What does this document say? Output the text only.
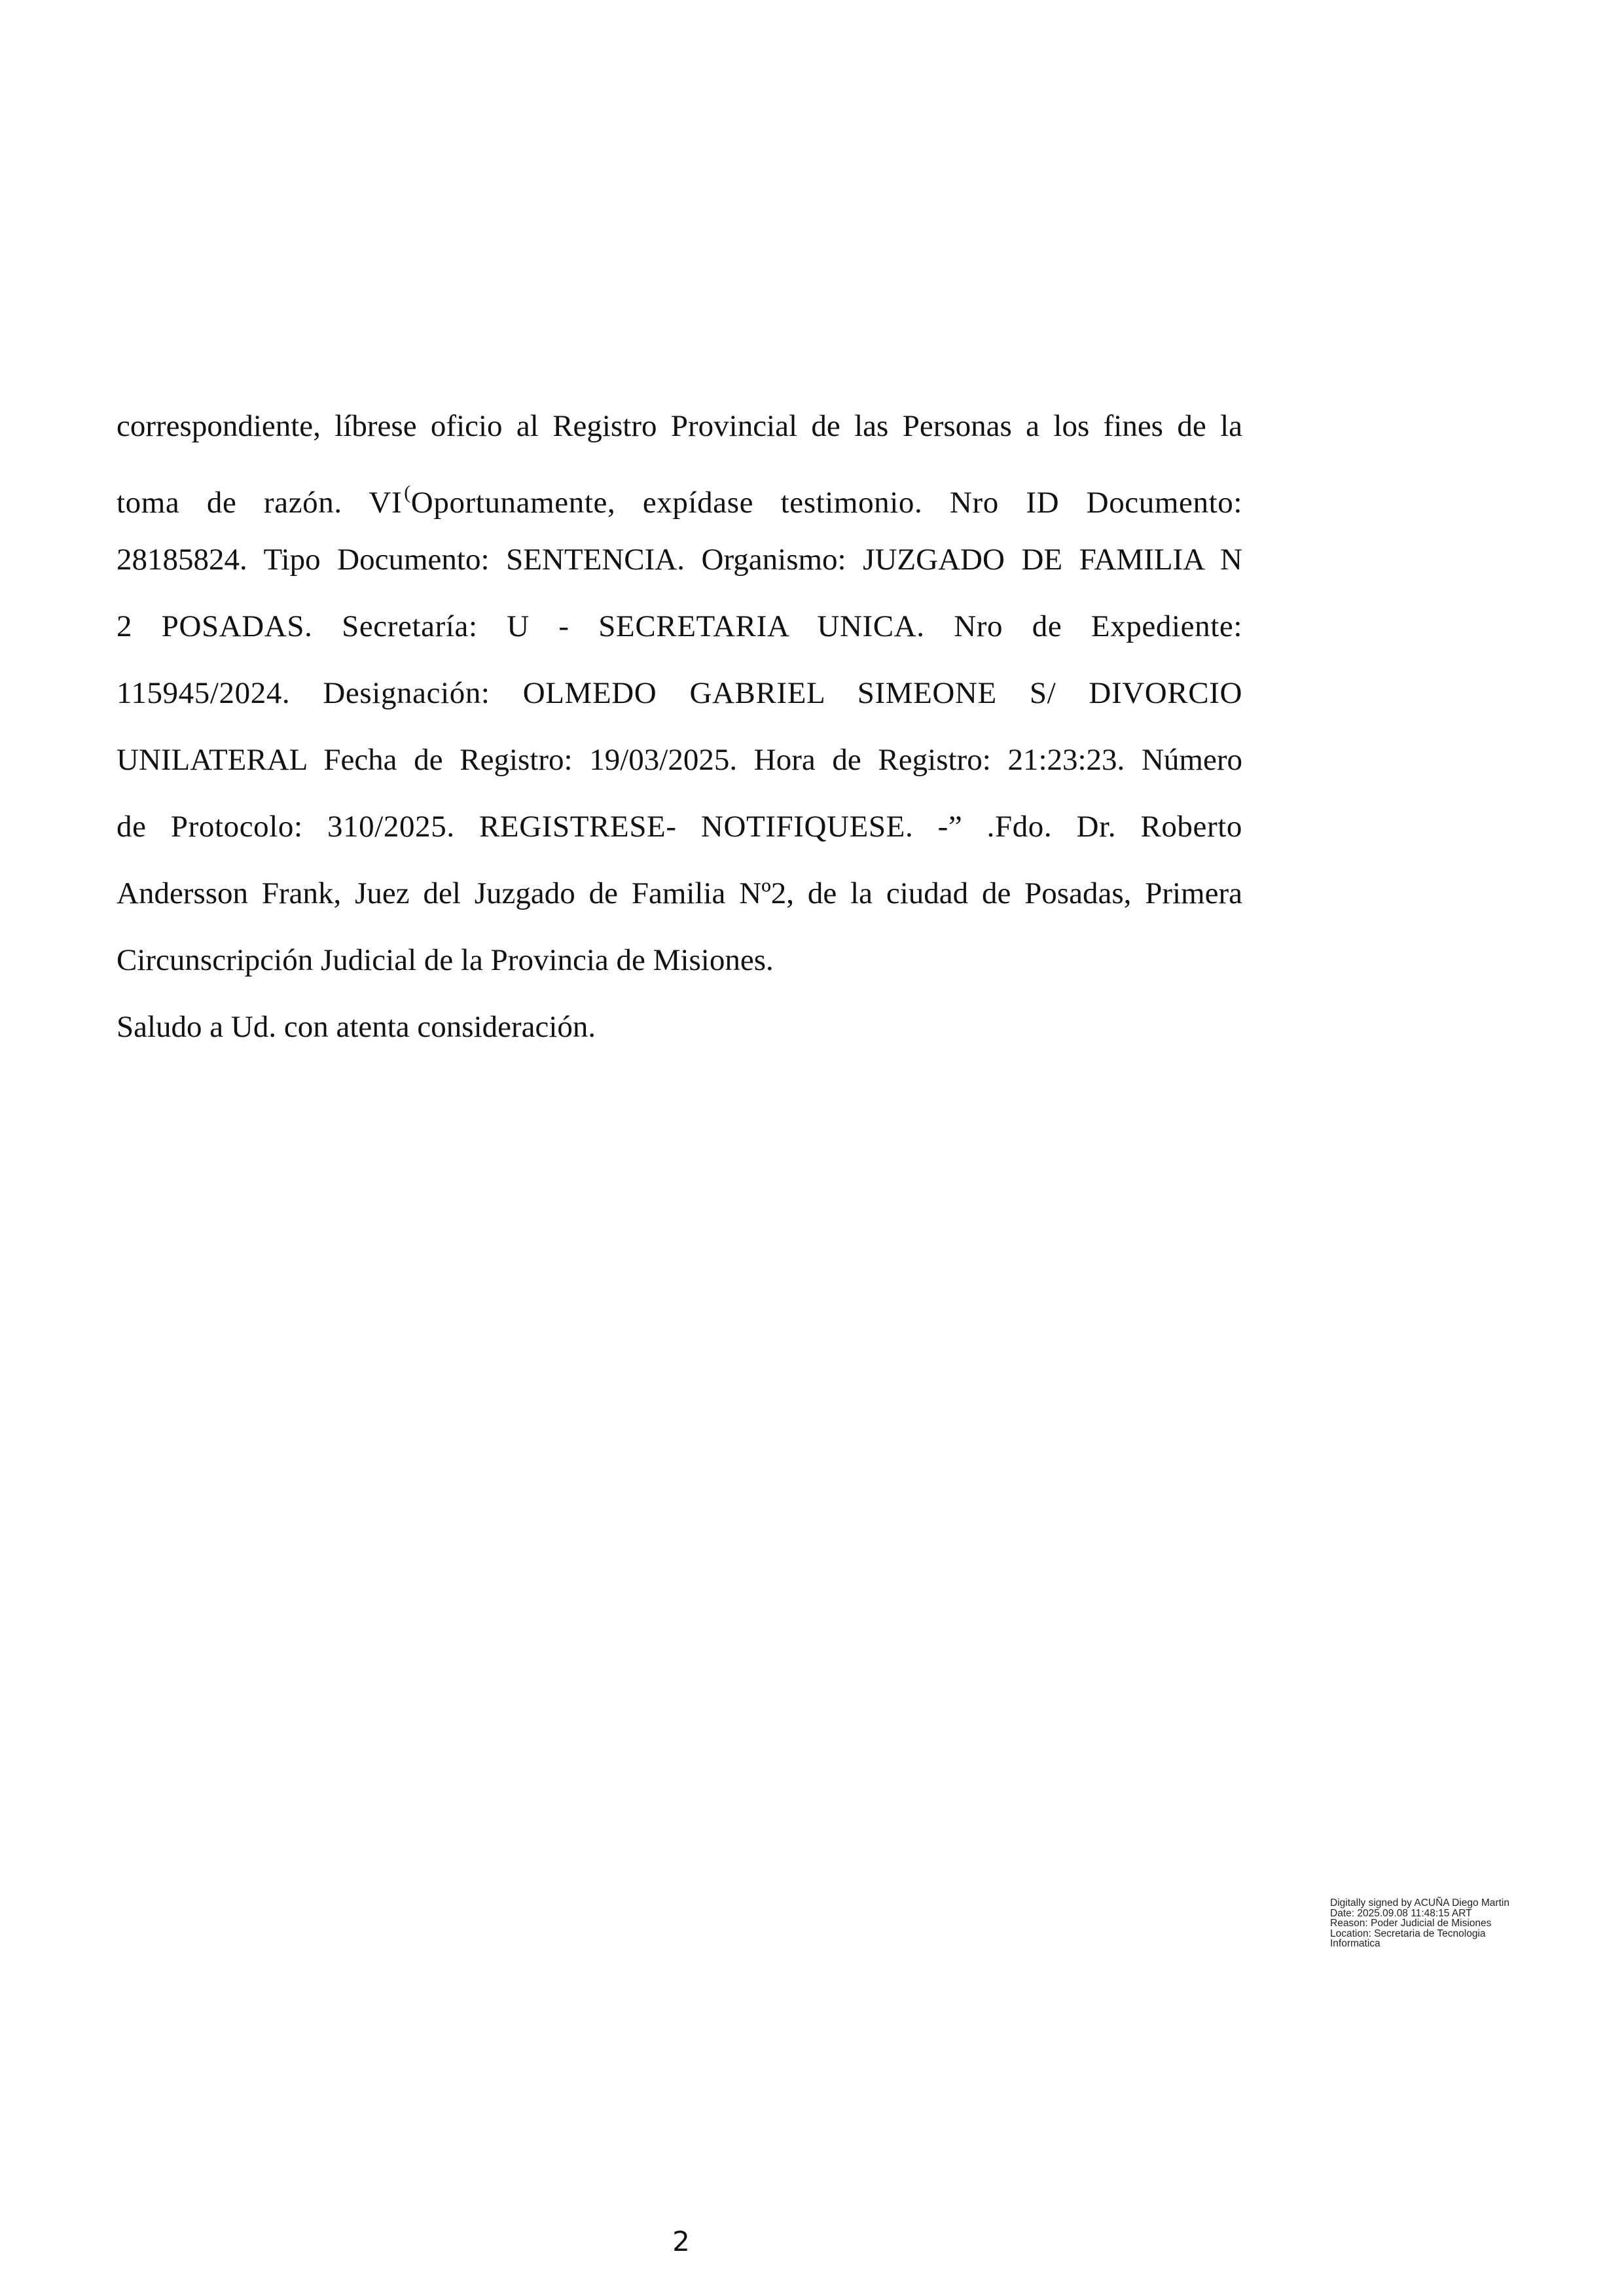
correspondiente, líbrese oficio al Registro Provincial de las Personas a los fines de la
toma de razón. VI (Oportunamente, expídase testimonio. Nro ID Documento:
28185824. Tipo Documento: SENTENCIA. Organismo: JUZGADO DE FAMILIA N
2 POSADAS. Secretaría: U - SECRETARIA UNICA. Nro de Expediente:
115945/2024. Designación: OLMEDO GABRIEL SIMEONE S/ DIVORCIO
UNILATERAL Fecha de Registro: 19/03/2025. Hora de Registro: 21:23:23. Número
de Protocolo: 310/2025. REGISTRESE- NOTIFIQUESE. -” .Fdo. Dr. Roberto
Andersson Frank, Juez del Juzgado de Familia Nº2, de la ciudad de Posadas, Primera
Circunscripción Judicial de la Provincia de Misiones.
Saludo a Ud. con atenta consideración.
Digitally signed by ACUÑA Diego Martin
Date: 2025.09.08 11:48:15 ART
Reason: Poder Judicial de Misiones
Location: Secretaria de Tecnologia
Informatica
2
